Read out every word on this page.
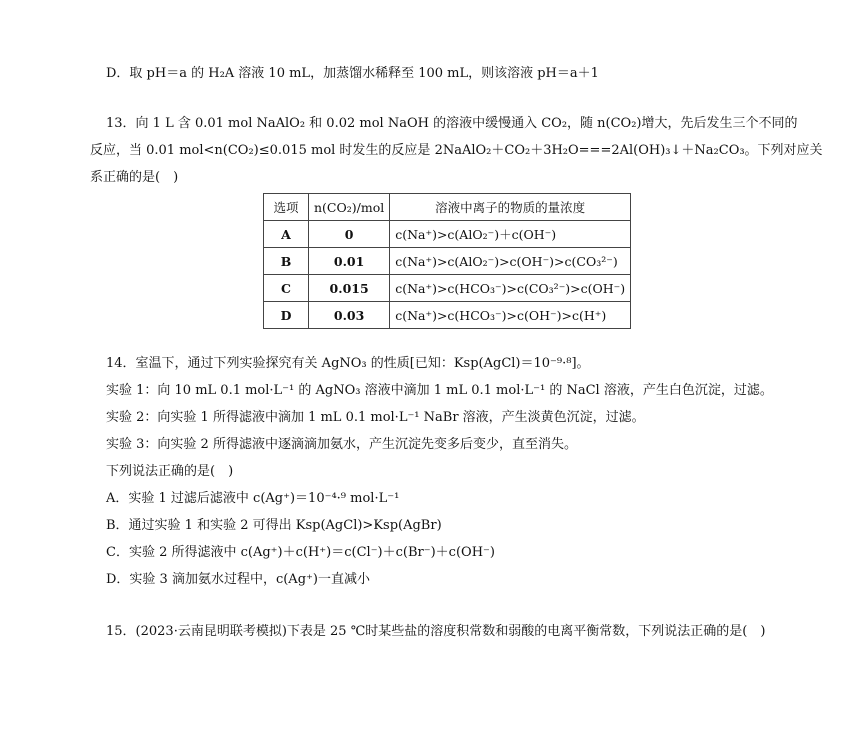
D．取 pH＝a 的 H₂A 溶液 10 mL，加蒸馏水稀释至 100 mL，则该溶液 pH＝a＋1
13．向 1 L 含 0.01 mol NaAlO₂ 和 0.02 mol NaOH 的溶液中缓慢通入 CO₂，随 n(CO₂)增大，先后发生三个不同的
反应，当 0.01 mol<n(CO₂)≤0.015 mol 时发生的反应是 2NaAlO₂＋CO₂＋3H₂O===2Al(OH)₃↓＋Na₂CO₃。下列对应关
系正确的是(　)
选项	n(CO₂)/mol	溶液中离子的物质的量浓度
A	0	c(Na⁺)>c(AlO₂⁻)＋c(OH⁻)
B	0.01	c(Na⁺)>c(AlO₂⁻)>c(OH⁻)>c(CO₃²⁻)
C	0.015	c(Na⁺)>c(HCO₃⁻)>c(CO₃²⁻)>c(OH⁻)
D	0.03	c(Na⁺)>c(HCO₃⁻)>c(OH⁻)>c(H⁺)
14．室温下，通过下列实验探究有关 AgNO₃ 的性质[已知：Ksp(AgCl)＝10⁻⁹·⁸]。
实验 1：向 10 mL 0.1 mol·L⁻¹ 的 AgNO₃ 溶液中滴加 1 mL 0.1 mol·L⁻¹ 的 NaCl 溶液，产生白色沉淀，过滤。
实验 2：向实验 1 所得滤液中滴加 1 mL 0.1 mol·L⁻¹ NaBr 溶液，产生淡黄色沉淀，过滤。
实验 3：向实验 2 所得滤液中逐滴滴加氨水，产生沉淀先变多后变少，直至消失。
下列说法正确的是(　)
A．实验 1 过滤后滤液中 c(Ag⁺)＝10⁻⁴·⁹ mol·L⁻¹
B．通过实验 1 和实验 2 可得出 Ksp(AgCl)>Ksp(AgBr)
C．实验 2 所得滤液中 c(Ag⁺)＋c(H⁺)＝c(Cl⁻)＋c(Br⁻)＋c(OH⁻)
D．实验 3 滴加氨水过程中，c(Ag⁺)一直减小
15．(2023·云南昆明联考模拟)下表是 25 ℃时某些盐的溶度积常数和弱酸的电离平衡常数，下列说法正确的是(　)
